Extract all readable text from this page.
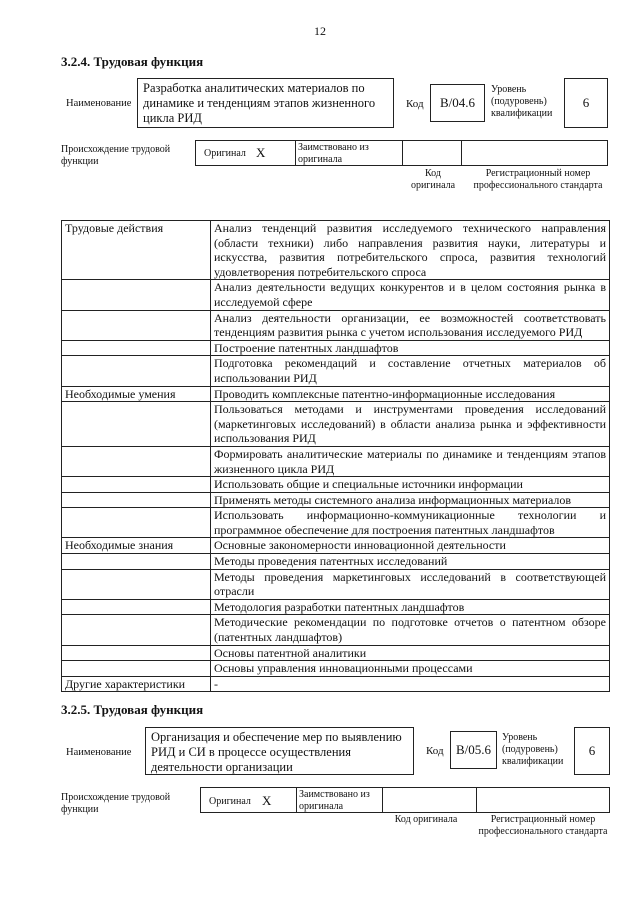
12
3.2.4. Трудовая функция
Наименование
Разработка аналитических материалов по динамике и тенденциям этапов жизненного цикла РИД
Код	B/04.6
Уровень (подуровень) квалификации
6
Происхождение трудовой функции
Оригинал X	Заимствовано из оригинала
Код оригинала
Регистрационный номер профессионального стандарта
Трудовые действия	Анализ тенденций развития исследуемого технического направления (области техники) либо направления развития науки, литературы и искусства, развития потребительского спроса, развития технологий удовлетворения потребительского спроса
	Анализ деятельности ведущих конкурентов и в целом состояния рынка в исследуемой сфере
	Анализ деятельности организации, ее возможностей соответствовать тенденциям развития рынка с учетом использования исследуемого РИД
	Построение патентных ландшафтов
	Подготовка рекомендаций и составление отчетных материалов об использовании РИД
Необходимые умения	Проводить комплексные патентно-информационные исследования
	Пользоваться методами и инструментами проведения исследований (маркетинговых исследований) в области анализа рынка и эффективности использования РИД
	Формировать аналитические материалы по динамике и тенденциям этапов жизненного цикла РИД
	Использовать общие и специальные источники информации
	Применять методы системного анализа информационных материалов
	Использовать информационно-коммуникационные технологии и программное обеспечение для построения патентных ландшафтов
Необходимые знания	Основные закономерности инновационной деятельности
	Методы проведения патентных исследований
	Методы проведения маркетинговых исследований в соответствующей отрасли
	Методология разработки патентных ландшафтов
	Методические рекомендации по подготовке отчетов о патентном обзоре (патентных ландшафтов)
	Основы патентной аналитики
	Основы управления инновационными процессами
Другие характеристики	-
3.2.5. Трудовая функция
Наименование
Организация и обеспечение мер по выявлению РИД и СИ в процессе осуществления деятельности организации
Код B/05.6
Уровень (подуровень) квалификации
6
Происхождение трудовой функции
Оригинал X	Заимствовано из оригинала
Код оригинала	Регистрационный номер профессионального стандарта
